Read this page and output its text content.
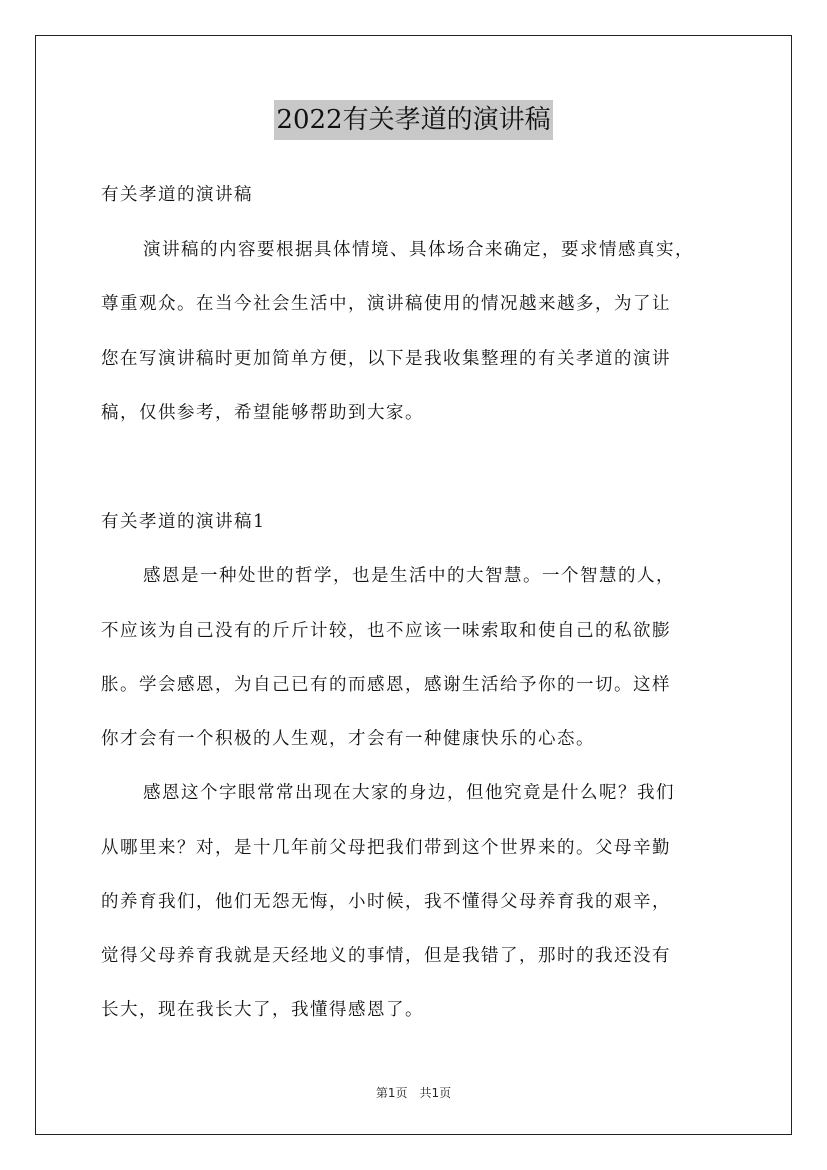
2022有关孝道的演讲稿
有关孝道的演讲稿
演讲稿的内容要根据具体情境、具体场合来确定，要求情感真实，
尊重观众。在当今社会生活中，演讲稿使用的情况越来越多，为了让
您在写演讲稿时更加简单方便，以下是我收集整理的有关孝道的演讲
稿，仅供参考，希望能够帮助到大家。
有关孝道的演讲稿1
感恩是一种处世的哲学，也是生活中的大智慧。一个智慧的人，
不应该为自己没有的斤斤计较，也不应该一味索取和使自己的私欲膨
胀。学会感恩，为自己已有的而感恩，感谢生活给予你的一切。这样
你才会有一个积极的人生观，才会有一种健康快乐的心态。
感恩这个字眼常常出现在大家的身边，但他究竟是什么呢？我们
从哪里来？对，是十几年前父母把我们带到这个世界来的。父母辛勤
的养育我们，他们无怨无悔，小时候，我不懂得父母养育我的艰辛，
觉得父母养育我就是天经地义的事情，但是我错了，那时的我还没有
长大，现在我长大了，我懂得感恩了。
第1页　共1页
